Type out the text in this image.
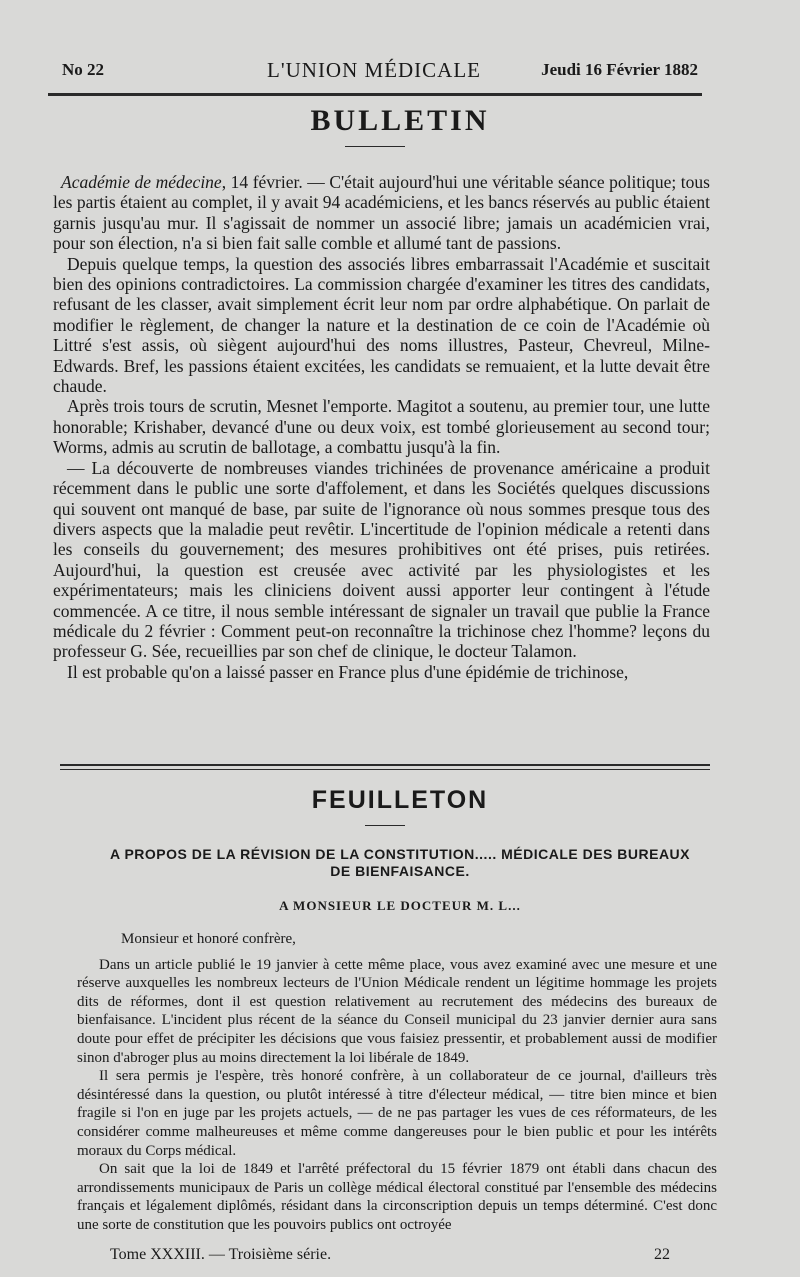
No 22	L'UNION MÉDICALE	Jeudi 16 Février 1882
BULLETIN

Académie de médecine, 14 février. — C'était aujourd'hui une véritable séance politique; tous les partis étaient au complet, il y avait 94 académiciens, et les bancs réservés au public étaient garnis jusqu'au mur. Il s'agissait de nommer un associé libre; jamais un académicien vrai, pour son élection, n'a si bien fait salle comble et allumé tant de passions.

Depuis quelque temps, la question des associés libres embarrassait l'Académie et suscitait bien des opinions contradictoires. La commission chargée d'examiner les titres des candidats, refusant de les classer, avait simplement écrit leur nom par ordre alphabétique. On parlait de modifier le règlement, de changer la nature et la destination de ce coin de l'Académie où Littré s'est assis, où siègent aujourd'hui des noms illustres, Pasteur, Chevreul, Milne-Edwards. Bref, les passions étaient excitées, les candidats se remuaient, et la lutte devait être chaude.

Après trois tours de scrutin, Mesnet l'emporte. Magitot a soutenu, au premier tour, une lutte honorable; Krishaber, devancé d'une ou deux voix, est tombé glorieusement au second tour; Worms, admis au scrutin de ballotage, a combattu jusqu'à la fin.

— La découverte de nombreuses viandes trichinées de provenance américaine a produit récemment dans le public une sorte d'affolement, et dans les Sociétés quelques discussions qui souvent ont manqué de base, par suite de l'ignorance où nous sommes presque tous des divers aspects que la maladie peut revêtir. L'incertitude de l'opinion médicale a retenti dans les conseils du gouvernement; des mesures prohibitives ont été prises, puis retirées. Aujourd'hui, la question est creusée avec activité par les physiologistes et les expérimentateurs; mais les cliniciens doivent aussi apporter leur contingent à l'étude commencée. A ce titre, il nous semble intéressant de signaler un travail que publie la France médicale du 2 février : Comment peut-on reconnaître la trichinose chez l'homme? leçons du professeur G. Sée, recueillies par son chef de clinique, le docteur Talamon.

Il est probable qu'on a laissé passer en France plus d'une épidémie de trichinose,

FEUILLETON
A PROPOS DE LA RÉVISION DE LA CONSTITUTION..... MÉDICALE DES BUREAUX
DE BIENFAISANCE.
A MONSIEUR LE DOCTEUR M. L...

Monsieur et honoré confrère,

Dans un article publié le 19 janvier à cette même place, vous avez examiné avec une mesure et une réserve auxquelles les nombreux lecteurs de l'Union Médicale rendent un légitime hommage les projets dits de réformes, dont il est question relativement au recrutement des médecins des bureaux de bienfaisance. L'incident plus récent de la séance du Conseil municipal du 23 janvier dernier aura sans doute pour effet de précipiter les décisions que vous faisiez pressentir, et probablement aussi de modifier sinon d'abroger plus au moins directement la loi libérale de 1849.

Il sera permis je l'espère, très honoré confrère, à un collaborateur de ce journal, d'ailleurs très désintéressé dans la question, ou plutôt intéressé à titre d'électeur médical, — titre bien mince et bien fragile si l'on en juge par les projets actuels, — de ne pas partager les vues de ces réformateurs, de les considérer comme malheureuses et même comme dangereuses pour le bien public et pour les intérêts moraux du Corps médical.

On sait que la loi de 1849 et l'arrêté préfectoral du 15 février 1879 ont établi dans chacun des arrondissements municipaux de Paris un collège médical électoral constitué par l'ensemble des médecins français et légalement diplômés, résidant dans la circonscription depuis un temps déterminé. C'est donc une sorte de constitution que les pouvoirs publics ont octroyée

Tome XXXIII. — Troisième série.	22
